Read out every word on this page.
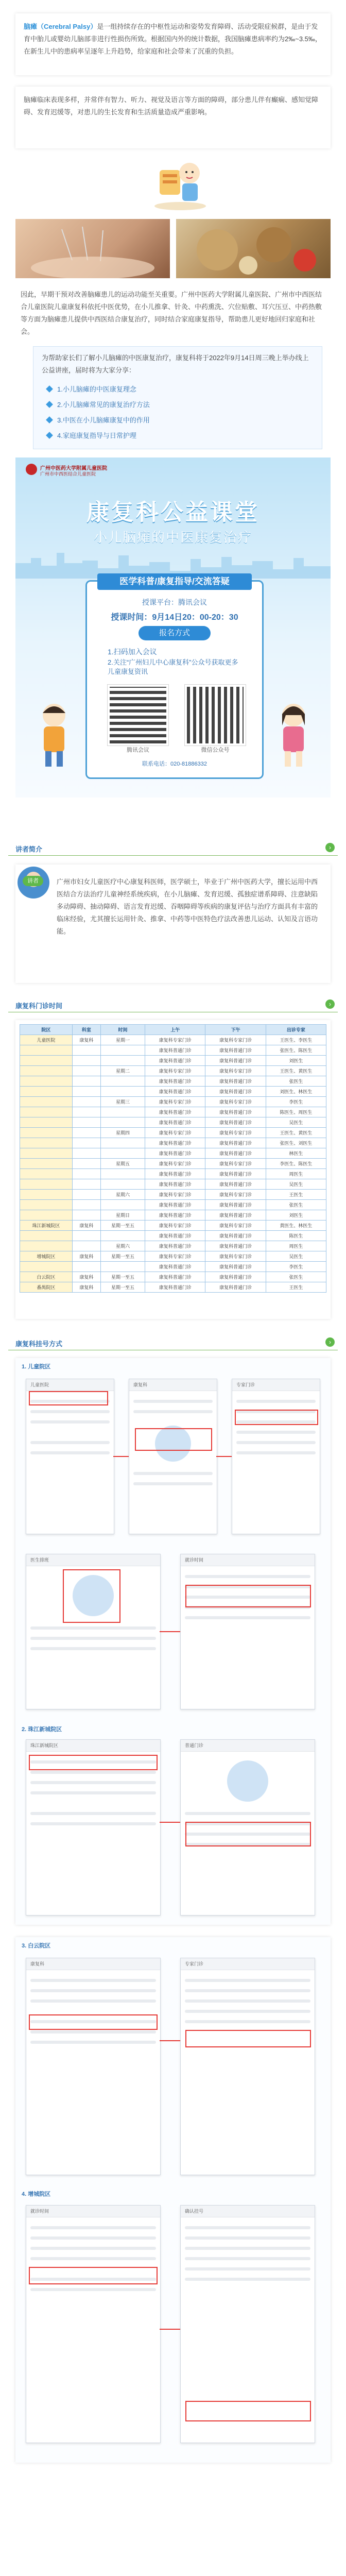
脑瘫（Cerebral Palsy）是一组持续存在的中枢性运动和姿势发育障碍、活动受限症候群，是由于发育中胎儿或婴幼儿脑部非进行性损伤所致。根据国内外的统计数据，我国脑瘫患病率约为2‰~3.5‰，在新生儿中的患病率呈逐年上升趋势，给家庭和社会带来了沉重的负担。

脑瘫临床表现多样，并常伴有智力、听力、视觉及语言等方面的障碍，部分患儿伴有癫痫、感知觉障碍、发育迟缓等，对患儿的生长发育和生活质量造成严重影响。

因此，早期干预对改善脑瘫患儿的运动功能至关重要。广州中医药大学附属儿童医院、广州市中西医结合儿童医院儿童康复科依托中医优势，在小儿推拿、针灸、中药熏洗、穴位贴敷、耳穴压豆、中药热敷等方面为脑瘫患儿提供中西医结合康复治疗，同时结合家庭康复指导，帮助患儿更好地回归家庭和社会。

为帮助家长们了解小儿脑瘫的中医康复治疗，康复科将于2022年9月14日周三晚上举办线上公益讲座，届时将为大家分享：

1.小儿脑瘫的中医康复理念
2.小儿脑瘫常见的康复治疗方法
3.中医在小儿脑瘫康复中的作用
4.家庭康复指导与日常护理
广州中医药大学附属儿童医院
广州市中西医结合儿童医院
康复科公益课堂
小儿脑瘫的中医康复治疗
医学科普/康复指导/交流答疑
授课平台：腾讯会议
授课时间：9月14日20：00-20：30
报名方式
1.扫码加入会议
2.关注“广州妇儿中心康复科”公众号获取更多儿童康复资讯
腾讯会议	微信公众号
联系电话：020-81886332
讲者简介	›
讲者	广州市妇女儿童医疗中心康复科医师，医学硕士，毕业于广州中医药大学，擅长运用中西医结合方法治疗儿童神经系统疾病，在小儿脑瘫、发育迟缓、孤独症谱系障碍、注意缺陷多动障碍、抽动障碍、语言发育迟缓、吞咽障碍等疾病的康复评估与治疗方面具有丰富的临床经验，尤其擅长运用针灸、推拿、中药等中医特色疗法改善患儿运动、认知及言语功能。

康复科门诊时间	›
院区	科室	时间	上午	下午	出诊专家
儿童医院	康复科	星期一	康复科专家门诊	康复科专家门诊	王医生、李医生
			康复科普通门诊	康复科普通门诊	张医生、陈医生
			康复科普通门诊	康复科普通门诊	刘医生
		星期二	康复科专家门诊	康复科专家门诊	王医生、黄医生
			康复科普通门诊	康复科普通门诊	张医生
			康复科普通门诊	康复科普通门诊	刘医生、林医生
		星期三	康复科专家门诊	康复科专家门诊	李医生
			康复科普通门诊	康复科普通门诊	陈医生、周医生
			康复科普通门诊	康复科普通门诊	吴医生
		星期四	康复科专家门诊	康复科专家门诊	王医生、黄医生
			康复科普通门诊	康复科普通门诊	张医生、刘医生
			康复科普通门诊	康复科普通门诊	林医生
		星期五	康复科专家门诊	康复科专家门诊	李医生、陈医生
			康复科普通门诊	康复科普通门诊	周医生
			康复科普通门诊	康复科普通门诊	吴医生
		星期六	康复科专家门诊	康复科专家门诊	王医生
			康复科普通门诊	康复科普通门诊	张医生
		星期日	康复科普通门诊	康复科普通门诊	刘医生
珠江新城院区	康复科	星期一至五	康复科专家门诊	康复科专家门诊	黄医生、林医生
			康复科普通门诊	康复科普通门诊	陈医生
		星期六	康复科普通门诊	康复科普通门诊	周医生
增城院区	康复科	星期一至五	康复科专家门诊	康复科专家门诊	吴医生
			康复科普通门诊	康复科普通门诊	李医生
白云院区	康复科	星期一至五	康复科普通门诊	康复科普通门诊	张医生
番禺院区	康复科	星期一至五	康复科普通门诊	康复科普通门诊	王医生
康复科挂号方式	›
1. 儿童院区
儿童医院	康复科	专家门诊
医生排班	就诊时间
2. 珠江新城院区
珠江新城院区	普通门诊
3. 白云院区
康复科	专家门诊
4. 增城院区
就诊时间	确认挂号
